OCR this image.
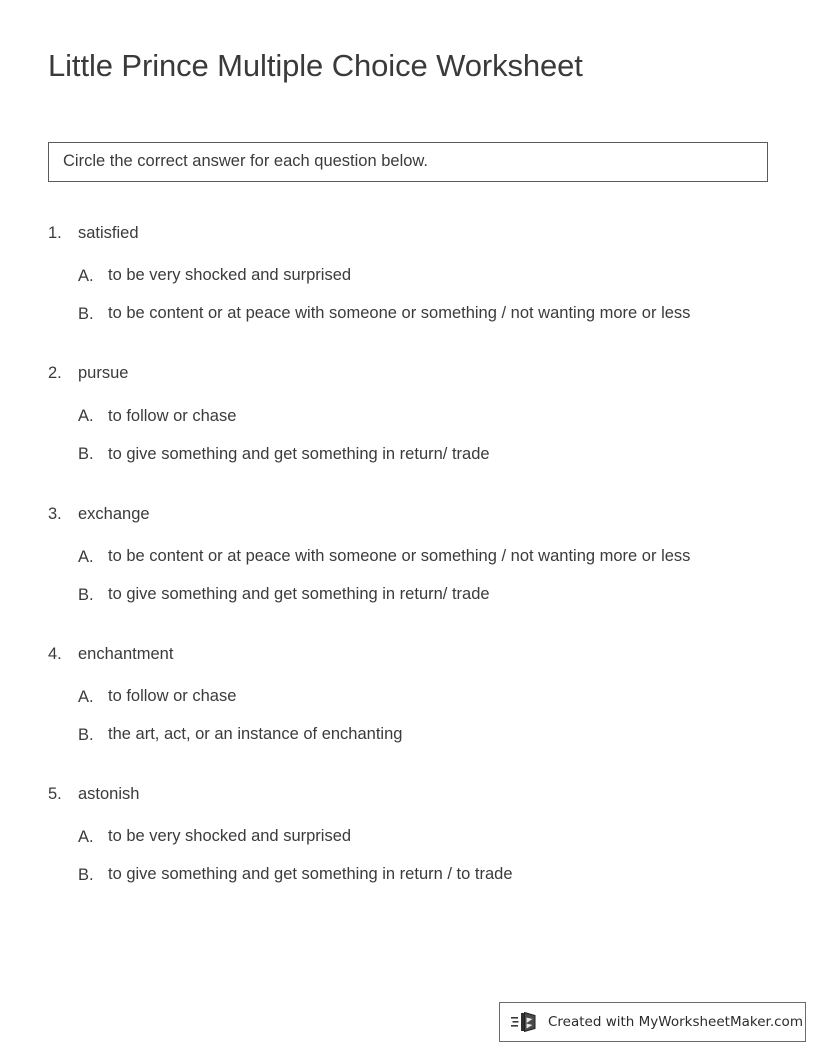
Little Prince Multiple Choice Worksheet
Circle the correct answer for each question below.
1. satisfied
A. to be very shocked and surprised
B. to be content or at peace with someone or something / not wanting more or less
2. pursue
A. to follow or chase
B. to give something and get something in return/ trade
3. exchange
A. to be content or at peace with someone or something / not wanting more or less
B. to give something and get something in return/ trade
4. enchantment
A. to follow or chase
B. the art, act, or an instance of enchanting
5. astonish
A. to be very shocked and surprised
B. to give something and get something in return / to trade
Created with MyWorksheetMaker.com
